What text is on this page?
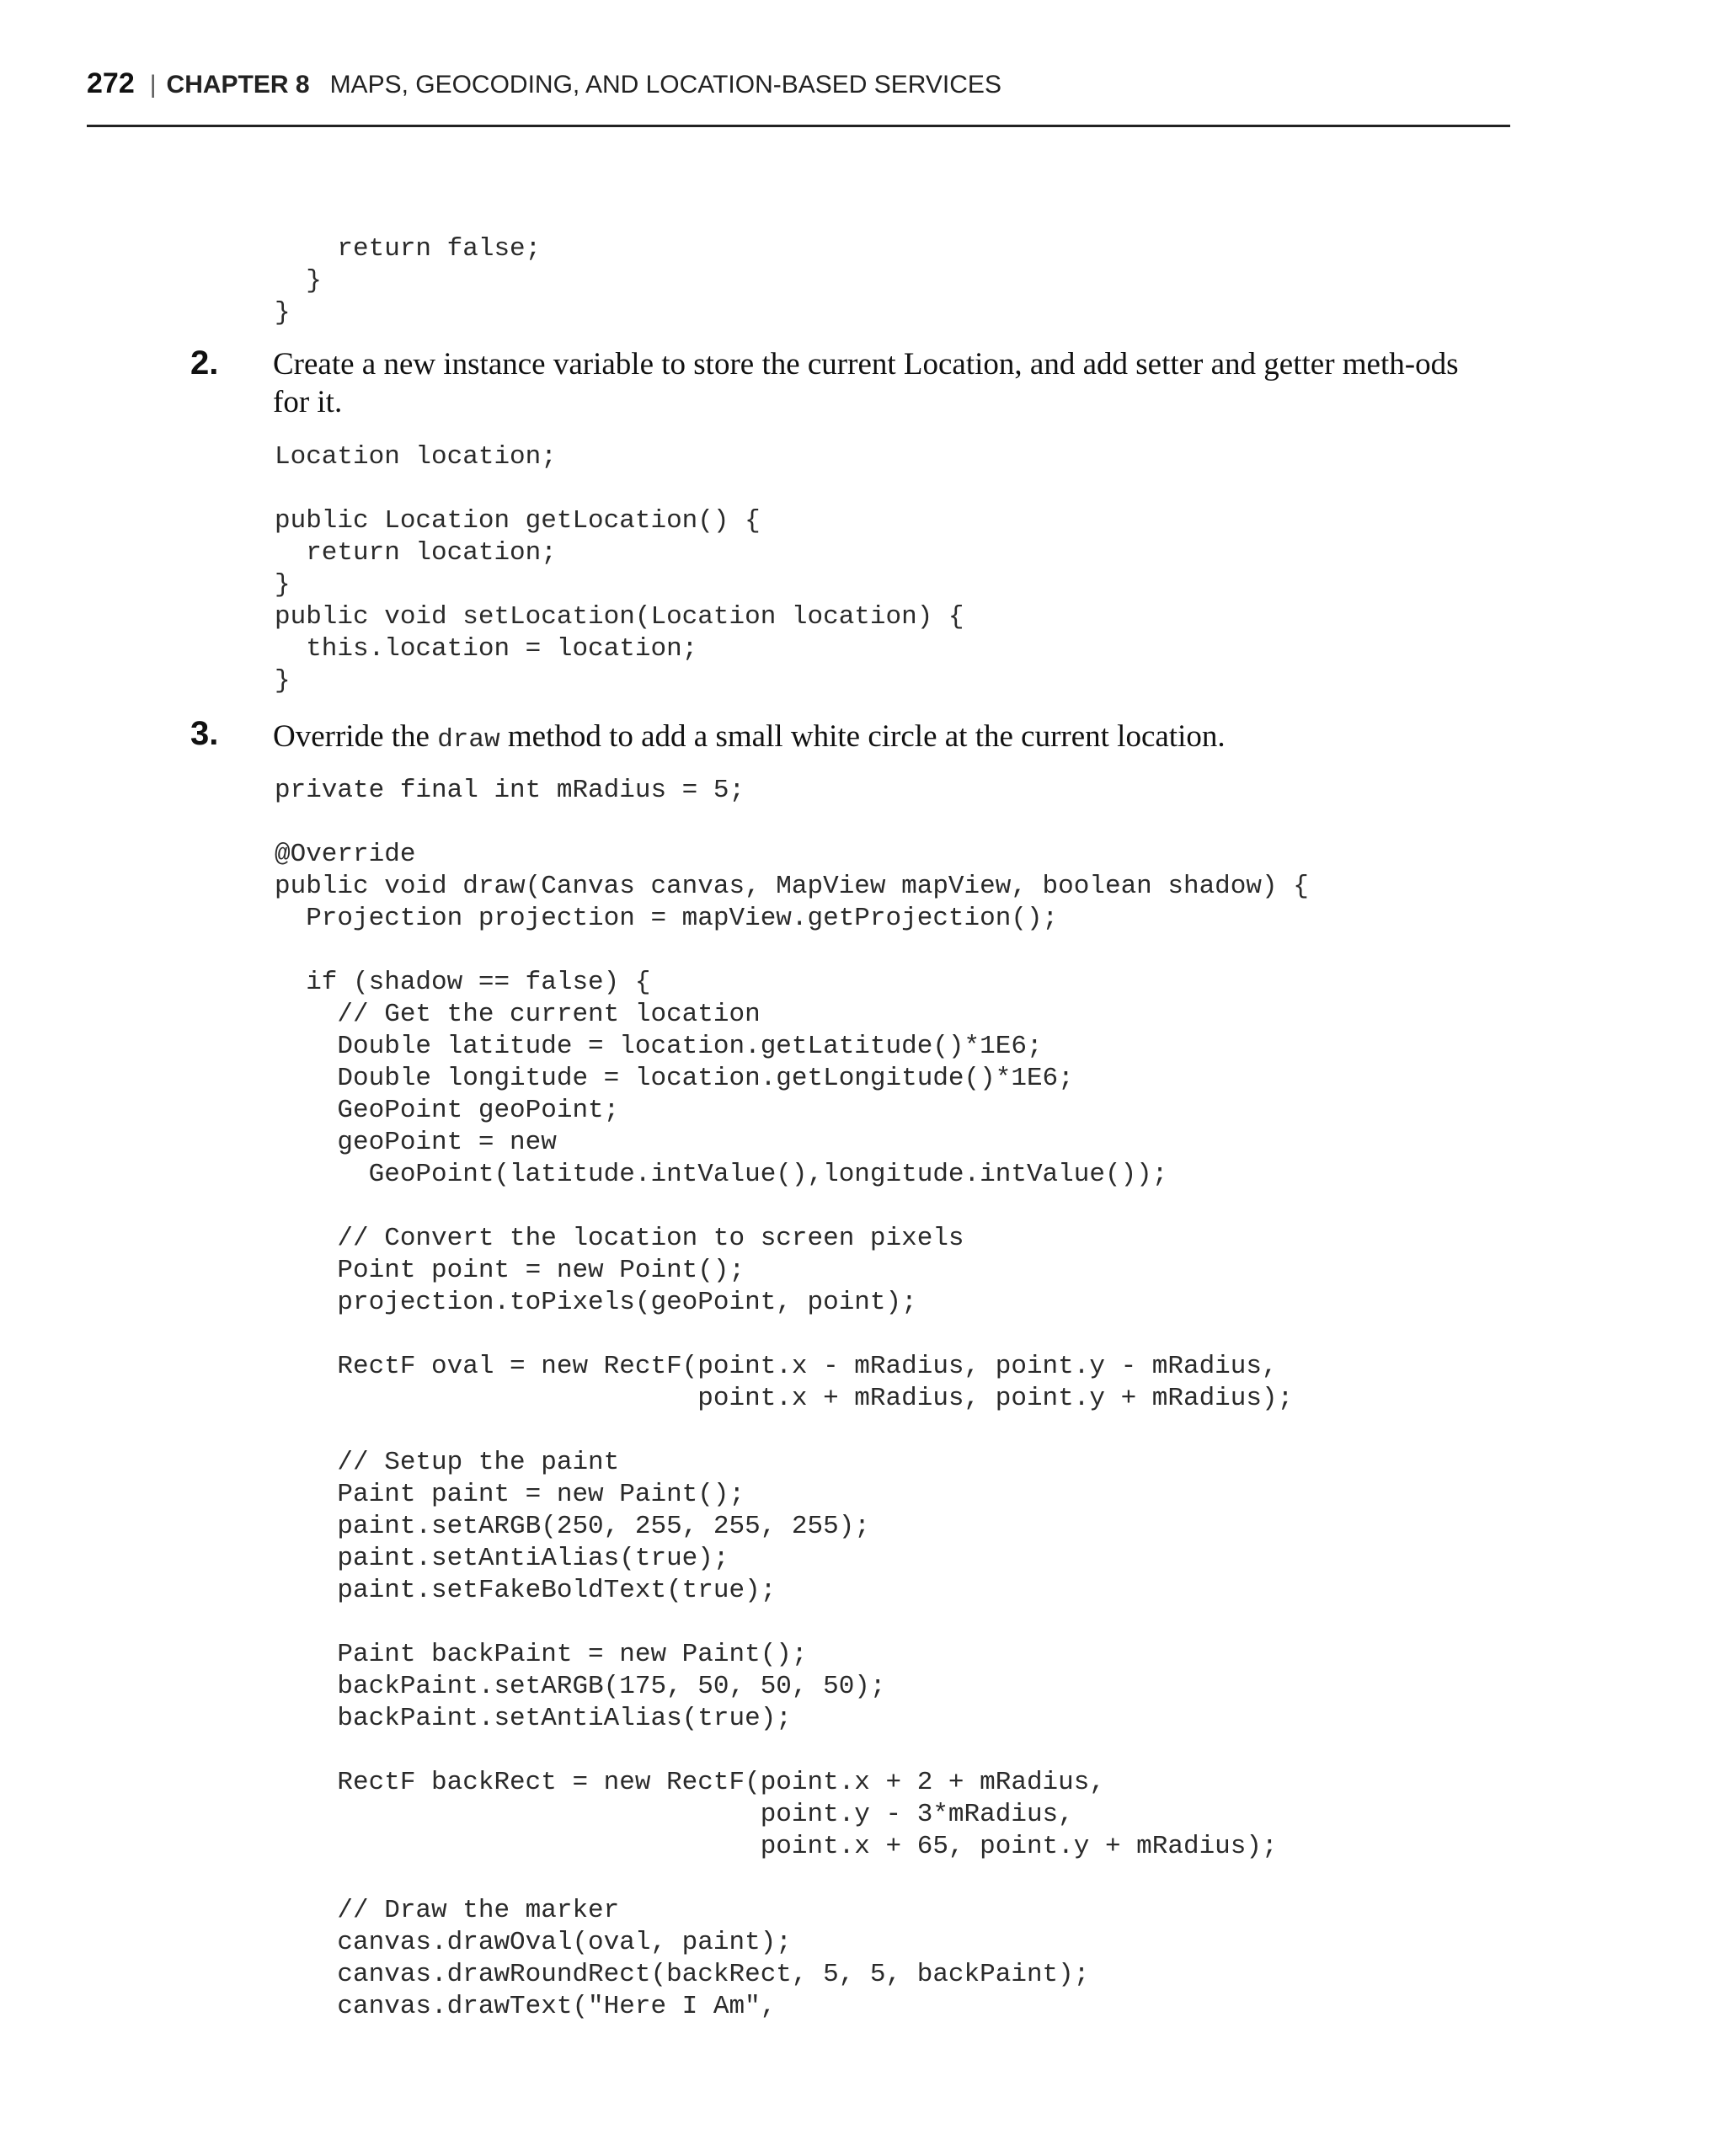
272 | CHAPTER 8 MAPS, GEOCODING, AND LOCATION-BASED SERVICES
return false;
}
}
2. Create a new instance variable to store the current Location, and add setter and getter meth-ods for it.
Location location;

public Location getLocation() {
return location;
}
public void setLocation(Location location) {
this.location = location;
}
3. Override the draw method to add a small white circle at the current location.
private final int mRadius = 5;

@Override
public void draw(Canvas canvas, MapView mapView, boolean shadow) {
Projection projection = mapView.getProjection();

if (shadow == false) {
// Get the current location
Double latitude = location.getLatitude()*1E6;
Double longitude = location.getLongitude()*1E6;
GeoPoint geoPoint;
geoPoint = new
GeoPoint(latitude.intValue(),longitude.intValue());

// Convert the location to screen pixels
Point point = new Point();
projection.toPixels(geoPoint, point);

RectF oval = new RectF(point.x - mRadius, point.y - mRadius,
point.x + mRadius, point.y + mRadius);

// Setup the paint
Paint paint = new Paint();
paint.setARGB(250, 255, 255, 255);
paint.setAntiAlias(true);
paint.setFakeBoldText(true);

Paint backPaint = new Paint();
backPaint.setARGB(175, 50, 50, 50);
backPaint.setAntiAlias(true);

RectF backRect = new RectF(point.x + 2 + mRadius,
point.y - 3*mRadius,
point.x + 65, point.y + mRadius);

// Draw the marker
canvas.drawOval(oval, paint);
canvas.drawRoundRect(backRect, 5, 5, backPaint);
canvas.drawText("Here I Am",
